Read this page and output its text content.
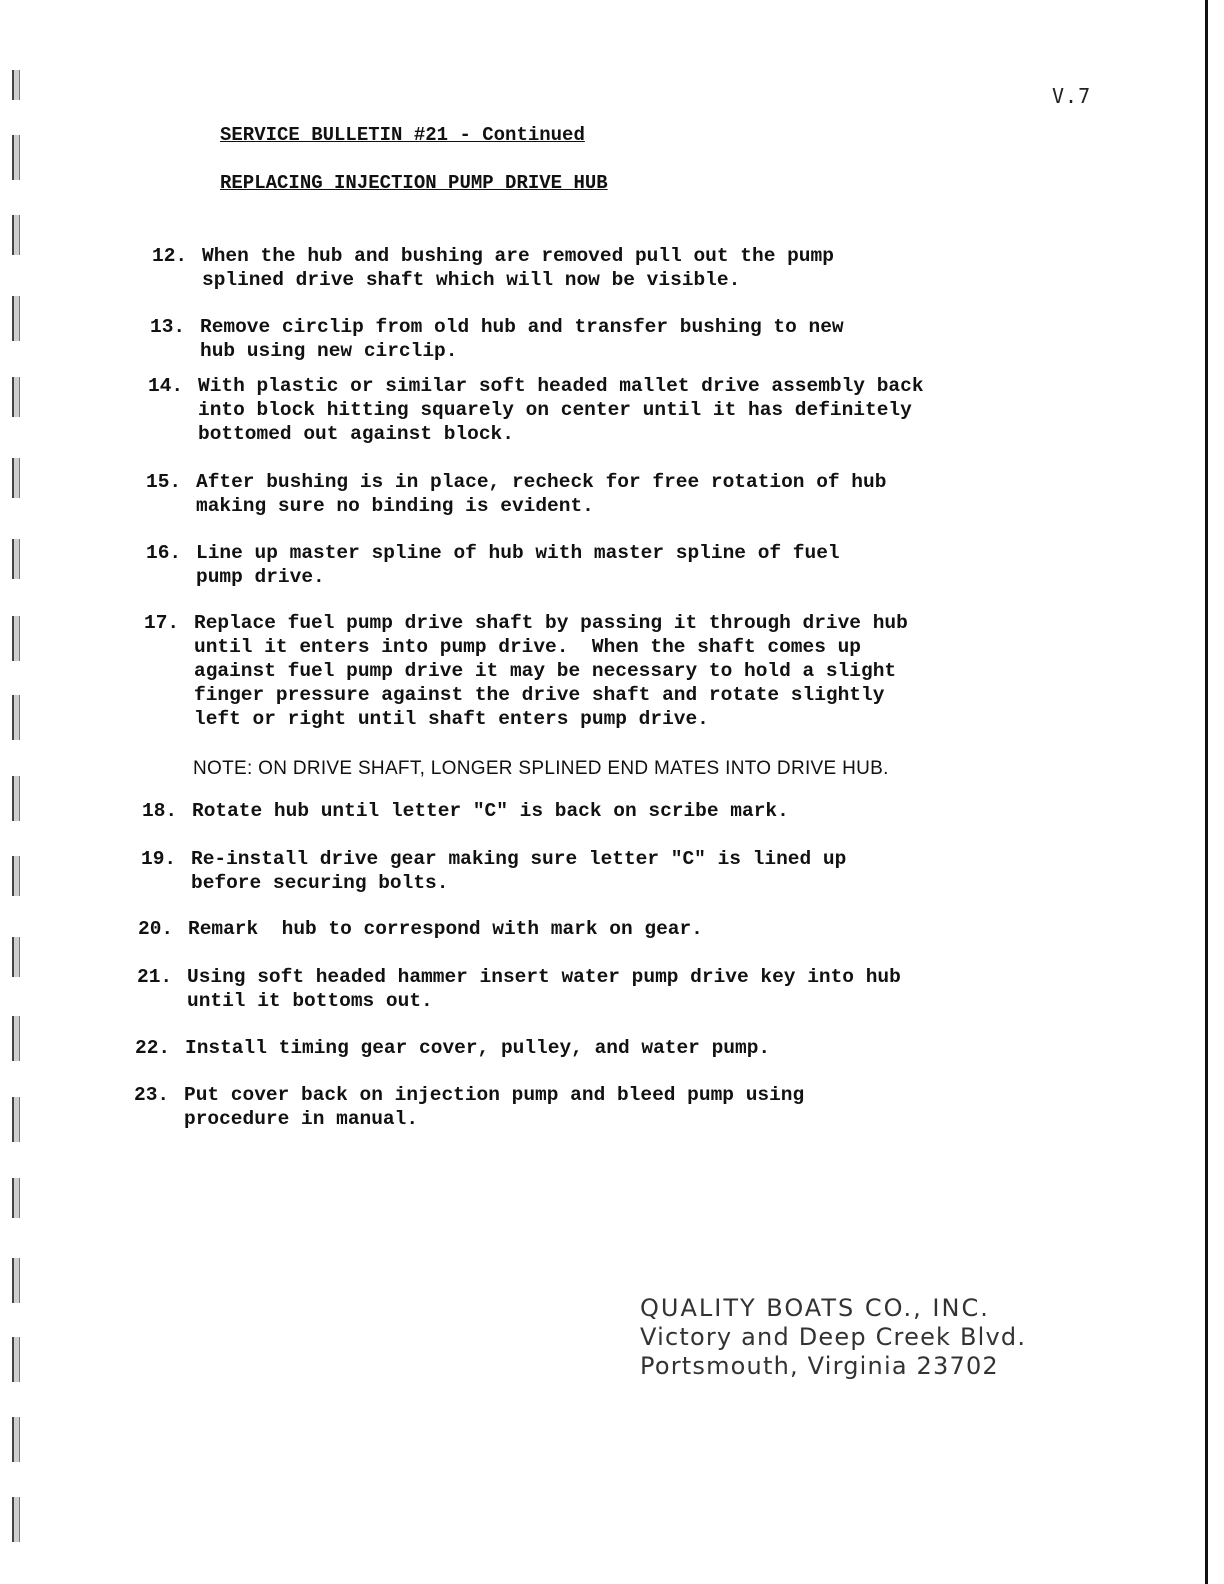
V.7
SERVICE BULLETIN #21 - Continued
REPLACING INJECTION PUMP DRIVE HUB
12. When the hub and bushing are removed pull out the pump
splined drive shaft which will now be visible.
13. Remove circlip from old hub and transfer bushing to new
hub using new circlip.
14. With plastic or similar soft headed mallet drive assembly back
into block hitting squarely on center until it has definitely
bottomed out against block.
15. After bushing is in place, recheck for free rotation of hub
making sure no binding is evident.
16. Line up master spline of hub with master spline of fuel
pump drive.
17. Replace fuel pump drive shaft by passing it through drive hub
until it enters into pump drive.  When the shaft comes up
against fuel pump drive it may be necessary to hold a slight
finger pressure against the drive shaft and rotate slightly
left or right until shaft enters pump drive.
NOTE: ON DRIVE SHAFT, LONGER SPLINED END MATES INTO DRIVE HUB.
18. Rotate hub until letter "C" is back on scribe mark.
19. Re-install drive gear making sure letter "C" is lined up
before securing bolts.
20. Remark  hub to correspond with mark on gear.
21. Using soft headed hammer insert water pump drive key into hub
until it bottoms out.
22. Install timing gear cover, pulley, and water pump.
23. Put cover back on injection pump and bleed pump using
procedure in manual.
QUALITY BOATS CO., INC.
Victory and Deep Creek Blvd.
Portsmouth, Virginia 23702
